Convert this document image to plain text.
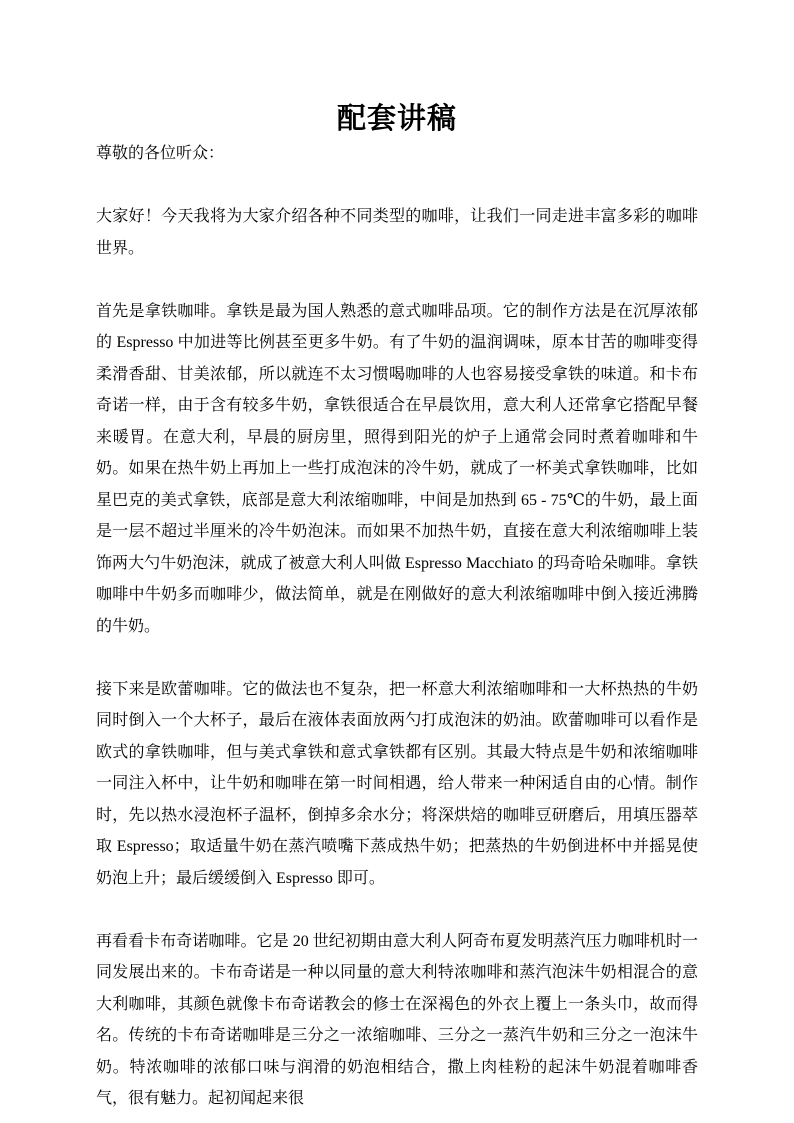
配套讲稿

尊敬的各位听众：

大家好！今天我将为大家介绍各种不同类型的咖啡，让我们一同走进丰富多彩的咖啡世界。

首先是拿铁咖啡。拿铁是最为国人熟悉的意式咖啡品项。它的制作方法是在沉厚浓郁的 Espresso 中加进等比例甚至更多牛奶。有了牛奶的温润调味，原本甘苦的咖啡变得柔滑香甜、甘美浓郁，所以就连不太习惯喝咖啡的人也容易接受拿铁的味道。和卡布奇诺一样，由于含有较多牛奶，拿铁很适合在早晨饮用，意大利人还常拿它搭配早餐来暖胃。在意大利，早晨的厨房里，照得到阳光的炉子上通常会同时煮着咖啡和牛奶。如果在热牛奶上再加上一些打成泡沫的冷牛奶，就成了一杯美式拿铁咖啡，比如星巴克的美式拿铁，底部是意大利浓缩咖啡，中间是加热到 65 - 75℃的牛奶，最上面是一层不超过半厘米的冷牛奶泡沫。而如果不加热牛奶，直接在意大利浓缩咖啡上装饰两大勺牛奶泡沫，就成了被意大利人叫做 Espresso Macchiato 的玛奇哈朵咖啡。拿铁咖啡中牛奶多而咖啡少，做法简单，就是在刚做好的意大利浓缩咖啡中倒入接近沸腾的牛奶。

接下来是欧蕾咖啡。它的做法也不复杂，把一杯意大利浓缩咖啡和一大杯热热的牛奶同时倒入一个大杯子，最后在液体表面放两勺打成泡沫的奶油。欧蕾咖啡可以看作是欧式的拿铁咖啡，但与美式拿铁和意式拿铁都有区别。其最大特点是牛奶和浓缩咖啡一同注入杯中，让牛奶和咖啡在第一时间相遇，给人带来一种闲适自由的心情。制作时，先以热水浸泡杯子温杯，倒掉多余水分；将深烘焙的咖啡豆研磨后，用填压器萃取 Espresso；取适量牛奶在蒸汽喷嘴下蒸成热牛奶；把蒸热的牛奶倒进杯中并摇晃使奶泡上升；最后缓缓倒入 Espresso 即可。

再看看卡布奇诺咖啡。它是 20 世纪初期由意大利人阿奇布夏发明蒸汽压力咖啡机时一同发展出来的。卡布奇诺是一种以同量的意大利特浓咖啡和蒸汽泡沫牛奶相混合的意大利咖啡，其颜色就像卡布奇诺教会的修士在深褐色的外衣上覆上一条头巾，故而得名。传统的卡布奇诺咖啡是三分之一浓缩咖啡、三分之一蒸汽牛奶和三分之一泡沫牛奶。特浓咖啡的浓郁口味与润滑的奶泡相结合，撒上肉桂粉的起沫牛奶混着咖啡香气，很有魅力。起初闻起来很
